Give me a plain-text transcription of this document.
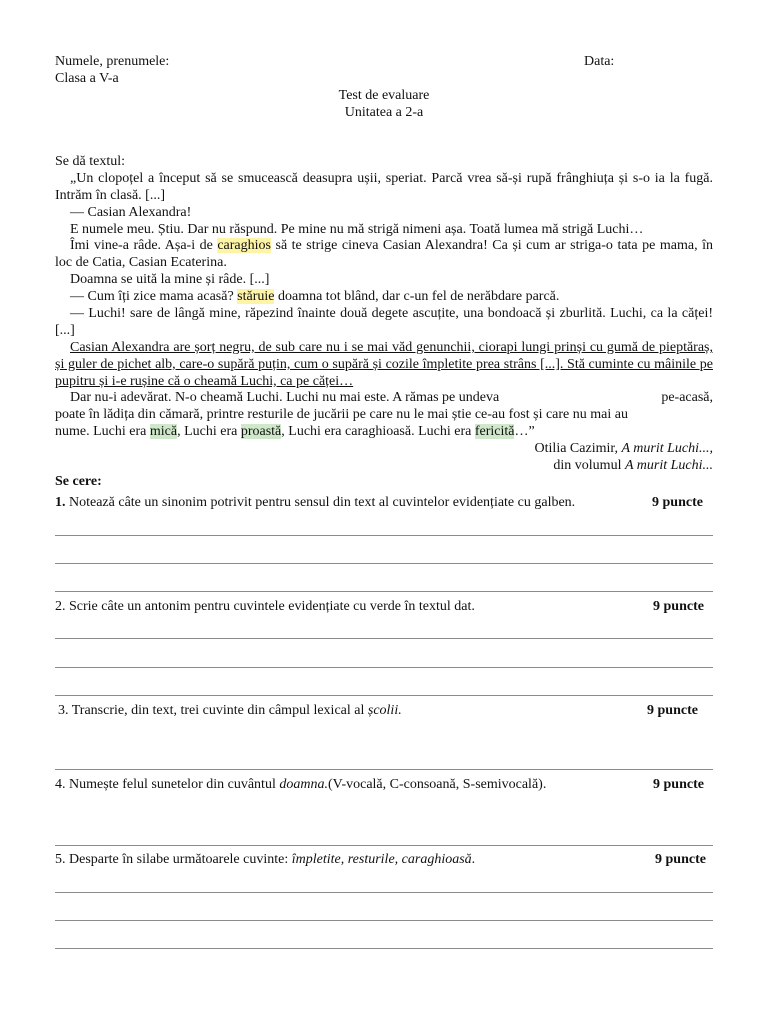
Numele, prenumele:	Data:
Clasa a V-a
Test de evaluare
Unitatea a 2-a
Se dă textul:
„Un clopoțel a început să se smucească deasupra ușii, speriat. Parcă vrea să-și rupă frânghiuța și s-o ia la fugă. Intrăm în clasă. [...]
— Casian Alexandra!
E numele meu. Știu. Dar nu răspund. Pe mine nu mă strigă nimeni așa. Toată lumea mă strigă Luchi…
Îmi vine-a râde. Așa-i de caraghios să te strige cineva Casian Alexandra! Ca și cum ar striga-o tata pe mama, în loc de Catia, Casian Ecaterina.
Doamna se uită la mine și râde. [...]
— Cum îți zice mama acasă? stăruie doamna tot blând, dar c-un fel de nerăbdare parcă.
— Luchi! sare de lângă mine, răpezind înainte două degete ascuțite, una bondoacă și zburlită. Luchi, ca la căței! [...]
Casian Alexandra are șorț negru, de sub care nu i se mai văd genunchii, ciorapi lungi prinși cu gumă de pieptăraș, și guler de pichet alb, care-o supără puțin, cum o supără și cozile împletite prea strâns [...]. Stă cuminte cu mâinile pe pupitru și i-e rușine că o cheamă Luchi, ca pe căței…
Dar nu-i adevărat. N-o cheamă Luchi. Luchi nu mai este. A rămas pe undeva	pe-acasă,
poate în lădița din cămară, printre resturile de jucării pe care nu le mai știe ce-au fost și care nu mai au
nume. Luchi era mică, Luchi era proastă, Luchi era caraghioasă. Luchi era fericită…”
Otilia Cazimir, A murit Luchi...,
din volumul A murit Luchi...
Se cere:
1. Notează câte un sinonim potrivit pentru sensul din text al cuvintelor evidențiate cu galben.	9 puncte
2. Scrie câte un antonim pentru cuvintele evidențiate cu verde în textul dat.	9 puncte
3. Transcrie, din text, trei cuvinte din câmpul lexical al școlii.	9 puncte
4. Numește felul sunetelor din cuvântul doamna.(V-vocală, C-consoană, S-semivocală).	9 puncte
5. Desparte în silabe următoarele cuvinte: împletite, resturile, caraghioasă.	9 puncte
